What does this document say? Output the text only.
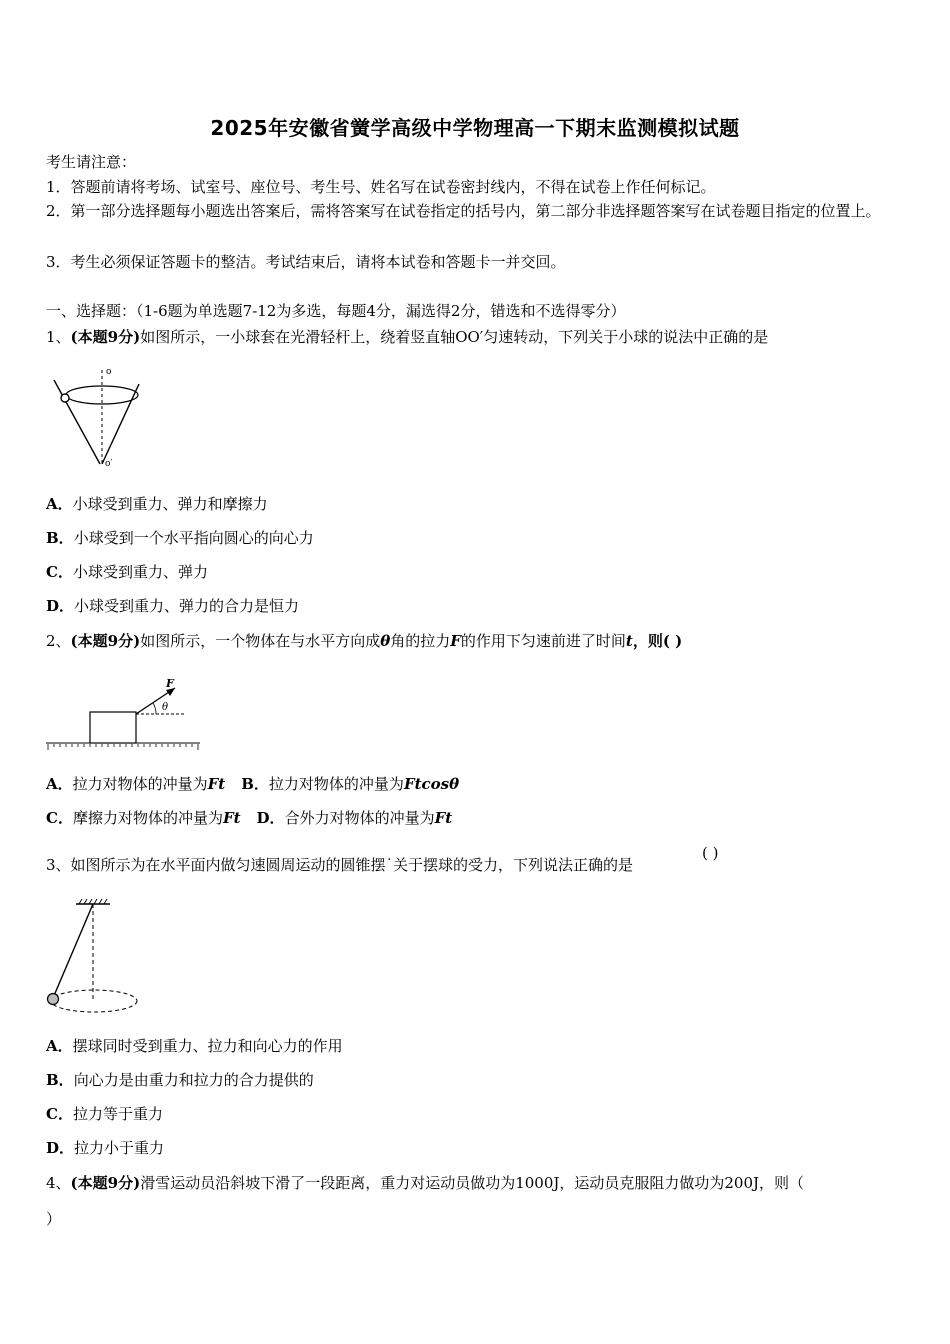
2025年安徽省黉学高级中学物理高一下期末监测模拟试题
考生请注意：
1．答题前请将考场、试室号、座位号、考生号、姓名写在试卷密封线内，不得在试卷上作任何标记。
2．第一部分选择题每小题选出答案后，需将答案写在试卷指定的括号内，第二部分非选择题答案写在试卷题目指定的位置上。
3．考生必须保证答题卡的整洁。考试结束后，请将本试卷和答题卡一并交回。
一、选择题：（1-6题为单选题7-12为多选，每题4分，漏选得2分，错选和不选得零分）
1、(本题9分)如图所示，一小球套在光滑轻杆上，绕着竖直轴OO′匀速转动，下列关于小球的说法中正确的是
o
o′
A．小球受到重力、弹力和摩擦力
B．小球受到一个水平指向圆心的向心力
C．小球受到重力、弹力
D．小球受到重力、弹力的合力是恒力
2、(本题9分)如图所示，一个物体在与水平方向成θ角的拉力F的作用下匀速前进了时间t，则( )
F
θ
A．拉力对物体的冲量为Ft B．拉力对物体的冲量为Ftcosθ
C．摩擦力对物体的冲量为Ft D．合外力对物体的冲量为Ft
3、如图所示为在水平面内做匀速圆周运动的圆锥摆˙关于摆球的受力，下列说法正确的是
( )
A．摆球同时受到重力、拉力和向心力的作用
B．向心力是由重力和拉力的合力提供的
C．拉力等于重力
D．拉力小于重力
4、(本题9分)滑雪运动员沿斜坡下滑了一段距离，重力对运动员做功为1000J，运动员克服阻力做功为200J，则（
）
